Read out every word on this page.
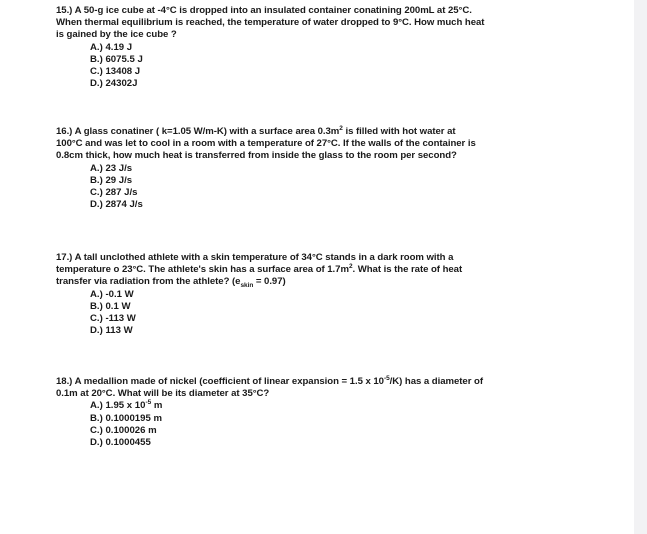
15.) A 50-g ice cube at -4°C is dropped into an insulated container conatining 200mL at 25°C.
When thermal equilibrium is reached, the temperature of water dropped to 9°C. How much heat
is gained by the ice cube ?
A.) 4.19 J
B.) 6075.5 J
C.) 13408 J
D.) 24302J
16.) A glass conatiner ( k=1.05 W/m-K) with a surface area $0.3m^2$ is filled with hot water at
100°C and was let to cool in a room with a temperature of 27°C. If the walls of the container is
0.8cm thick, how much heat is transferred from inside the glass to the room per second?
A.) 23 J/s
B.) 29 J/s
C.) 287 J/s
D.) 2874 J/s
17.) A tall unclothed athlete with a skin temperature of 34°C stands in a dark room with a
temperature o 23°C. The athlete's skin has a surface area of $1.7m^2$. What is the rate of heat
transfer via radiation from the athlete? $(e_{skin} = 0.97)$
A.) -0.1 W
B.) 0.1 W
C.) -113 W
D.) 113 W
18.) A medallion made of nickel (coefficient of linear expansion = 1.5 x $10^{-5}/K$) has a diameter of
0.1m at 20°C. What will be its diameter at 35°C?
A.) 1.95 x $10^{-5}$ m
B.) 0.1000195 m
C.) 0.100026 m
D.) 0.1000455
